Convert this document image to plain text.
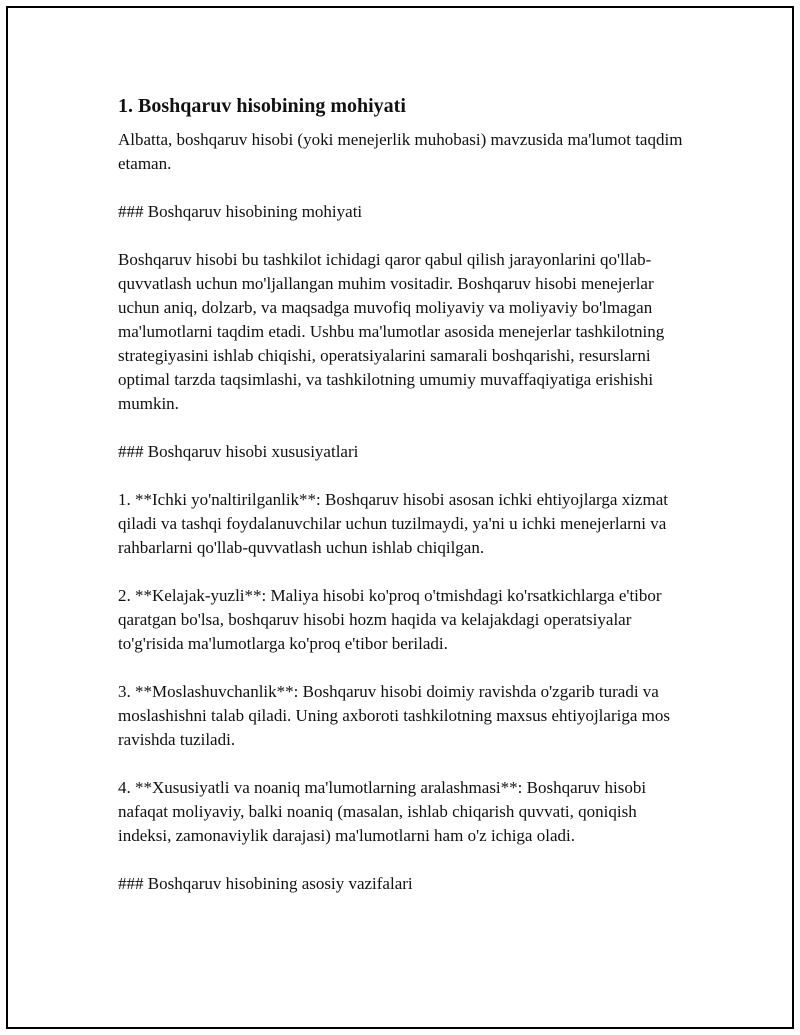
1. Boshqaruv hisobining mohiyati

Albatta, boshqaruv hisobi (yoki menejerlik muhobasi) mavzusida ma'lumot taqdim etaman.

### Boshqaruv hisobining mohiyati

Boshqaruv hisobi bu tashkilot ichidagi qaror qabul qilish jarayonlarini qo'llab-quvvatlash uchun mo'ljallangan muhim vositadir. Boshqaruv hisobi menejerlar uchun aniq, dolzarb, va maqsadga muvofiq moliyaviy va moliyaviy bo'lmagan ma'lumotlarni taqdim etadi. Ushbu ma'lumotlar asosida menejerlar tashkilotning strategiyasini ishlab chiqishi, operatsiyalarini samarali boshqarishi, resurslarni optimal tarzda taqsimlashi, va tashkilotning umumiy muvaffaqiyatiga erishishi mumkin.

### Boshqaruv hisobi xususiyatlari

1. **Ichki yo'naltirilganlik**: Boshqaruv hisobi asosan ichki ehtiyojlarga xizmat qiladi va tashqi foydalanuvchilar uchun tuzilmaydi, ya'ni u ichki menejerlarni va rahbarlarni qo'llab-quvvatlash uchun ishlab chiqilgan.

2. **Kelajak-yuzli**: Maliya hisobi ko'proq o'tmishdagi ko'rsatkichlarga e'tibor qaratgan bo'lsa, boshqaruv hisobi hozm haqida va kelajakdagi operatsiyalar to'g'risida ma'lumotlarga ko'proq e'tibor beriladi.

3. **Moslashuvchanlik**: Boshqaruv hisobi doimiy ravishda o'zgarib turadi va moslashishni talab qiladi. Uning axboroti tashkilotning maxsus ehtiyojlariga mos ravishda tuziladi.

4. **Xususiyatli va noaniq ma'lumotlarning aralashmasi**: Boshqaruv hisobi nafaqat moliyaviy, balki noaniq (masalan, ishlab chiqarish quvvati, qoniqish indeksi, zamonaviylik darajasi) ma'lumotlarni ham o'z ichiga oladi.

### Boshqaruv hisobining asosiy vazifalari
